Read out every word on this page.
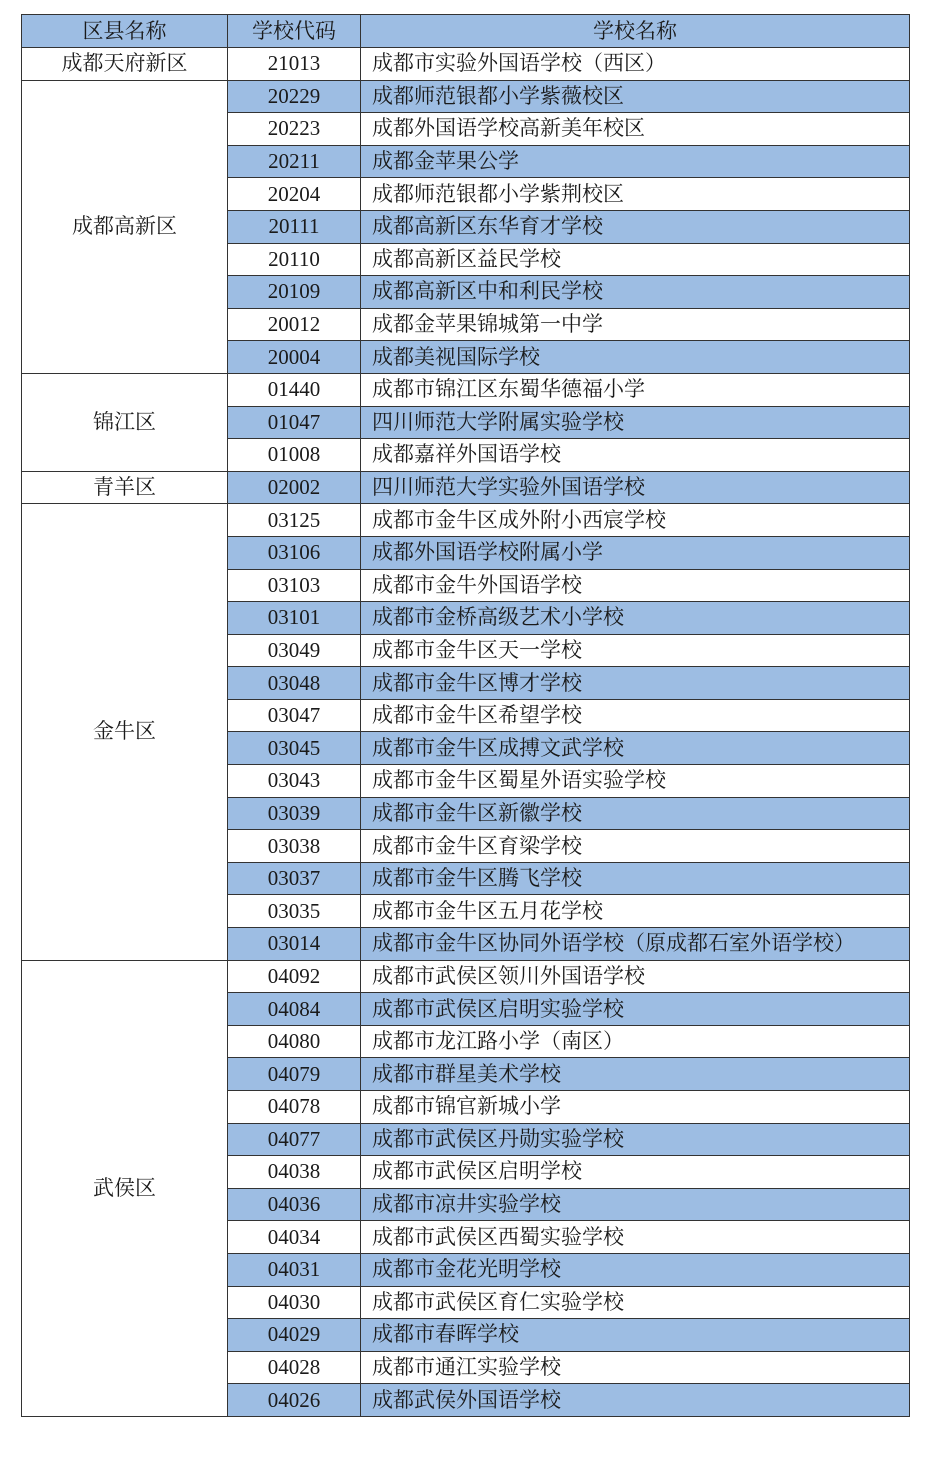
区县名称	学校代码	学校名称
成都天府新区	21013	成都市实验外国语学校（西区）
成都高新区	20229	成都师范银都小学紫薇校区
	20223	成都外国语学校高新美年校区
	20211	成都金苹果公学
	20204	成都师范银都小学紫荆校区
	20111	成都高新区东华育才学校
	20110	成都高新区益民学校
	20109	成都高新区中和利民学校
	20012	成都金苹果锦城第一中学
	20004	成都美视国际学校
锦江区	01440	成都市锦江区东蜀华德福小学
	01047	四川师范大学附属实验学校
	01008	成都嘉祥外国语学校
青羊区	02002	四川师范大学实验外国语学校
金牛区	03125	成都市金牛区成外附小西宸学校
	03106	成都外国语学校附属小学
	03103	成都市金牛外国语学校
	03101	成都市金桥高级艺术小学校
	03049	成都市金牛区天一学校
	03048	成都市金牛区博才学校
	03047	成都市金牛区希望学校
	03045	成都市金牛区成搏文武学校
	03043	成都市金牛区蜀星外语实验学校
	03039	成都市金牛区新徽学校
	03038	成都市金牛区育梁学校
	03037	成都市金牛区腾飞学校
	03035	成都市金牛区五月花学校
	03014	成都市金牛区协同外语学校（原成都石室外语学校）
武侯区	04092	成都市武侯区领川外国语学校
	04084	成都市武侯区启明实验学校
	04080	成都市龙江路小学（南区）
	04079	成都市群星美术学校
	04078	成都市锦官新城小学
	04077	成都市武侯区丹勋实验学校
	04038	成都市武侯区启明学校
	04036	成都市凉井实验学校
	04034	成都市武侯区西蜀实验学校
	04031	成都市金花光明学校
	04030	成都市武侯区育仁实验学校
	04029	成都市春晖学校
	04028	成都市通江实验学校
	04026	成都武侯外国语学校
